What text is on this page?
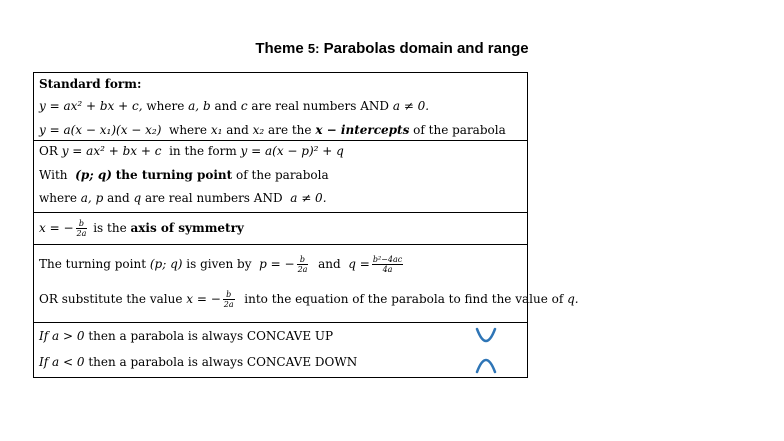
Theme 5: Parabolas domain and range
Standard form:
y = ax² + bx + c, where a, b and c are real numbers AND a ≠ 0.
y = a(x − x₁)(x − x₂) where x₁ and x₂ are the x − intercepts of the parabola
OR y = ax² + bx + c in the form y = a(x − p)² + q
With (p; q) the turning point of the parabola
where a, p and q are real numbers AND a ≠ 0.
x = − $\frac{b}{2a}$ is the axis of symmetry
The turning point (p; q) is given by p = − $\frac{b}{2a}$ and $q = \frac{\text{b²−4ac}}{4a}$
OR substitute the value x = − $\frac{b}{2a}$ into the equation of the parabola to find the value of q.
If a > 0 then a parabola is always CONCAVE UP
If a < 0 then a parabola is always CONCAVE DOWN
